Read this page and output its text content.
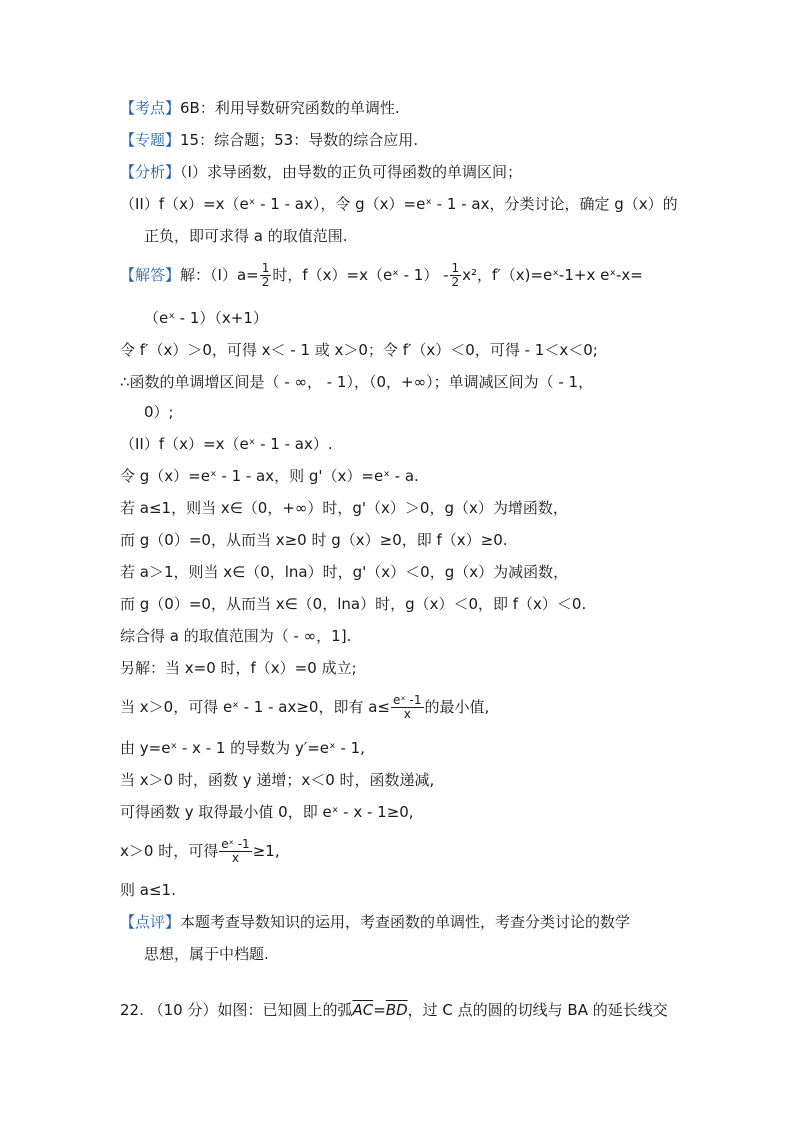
【考点】6B：利用导数研究函数的单调性.
【专题】15：综合题；53：导数的综合应用.
【分析】（I）求导函数，由导数的正负可得函数的单调区间；
（II）f（x）=x（eˣ - 1 - ax），令 g（x）=eˣ - 1 - ax，分类讨论，确定 g（x）的
正负，即可求得 a 的取值范围.
【解答】解：$(I)a= \frac{1}{2}$ 时，f（x）=x（eˣ - $1) - \frac{1}{2} x^2$，f′（x)=eˣ-1+x eˣ-x=
（eˣ - 1）（x+1）
令 f′（x）＞0，可得 x＜ - 1 或 x＞0；令 f′（x）＜0，可得 - 1＜x＜0;
∴函数的单调增区间是（ - ∞， - 1），（0，+∞）；单调减区间为（ - 1，
0）;
（II）f（x）=x（eˣ - 1 - ax）.
令 g（x）=eˣ - 1 - ax，则 g'（x）=eˣ - a.
若 a≤1，则当 x∈（0，+∞）时，g'（x）＞0，g（x）为增函数，
而 g（0）=0，从而当 x≥0 时 g（x）≥0，即 f（x）≥0.
若 a＞1，则当 x∈（0，lna）时，g'（x）＜0，g（x）为减函数，
而 g（0）=0，从而当 x∈（0，lna）时，g（x）＜0，即 f（x）＜0.
综合得 a 的取值范围为（ - ∞，1].
另解：当 x=0 时，f（x）=0 成立;
当 x＞0，可得 eˣ - 1 - ax≥0，即有 $a\le \frac{\text{eˣ -1}}{x}$ 的最小值,
由 y=eˣ - x - 1 的导数为 y′=eˣ - 1,
当 x＞0 时，函数 y 递增；x＜0 时，函数递减,
可得函数 y 取得最小值 0，即 eˣ - x - 1≥0,
x＞0 时，可得 $\frac{\text{eˣ -1}}{x} \ge 1$,
则 a≤1.
【点评】本题考查导数知识的运用，考查函数的单调性，考查分类讨论的数学
思想，属于中档题.
22. （10 分）如图：已知圆上的弧$\overline{AC}=\overline{BD}$，过 C 点的圆的切线与 BA 的延长线交
